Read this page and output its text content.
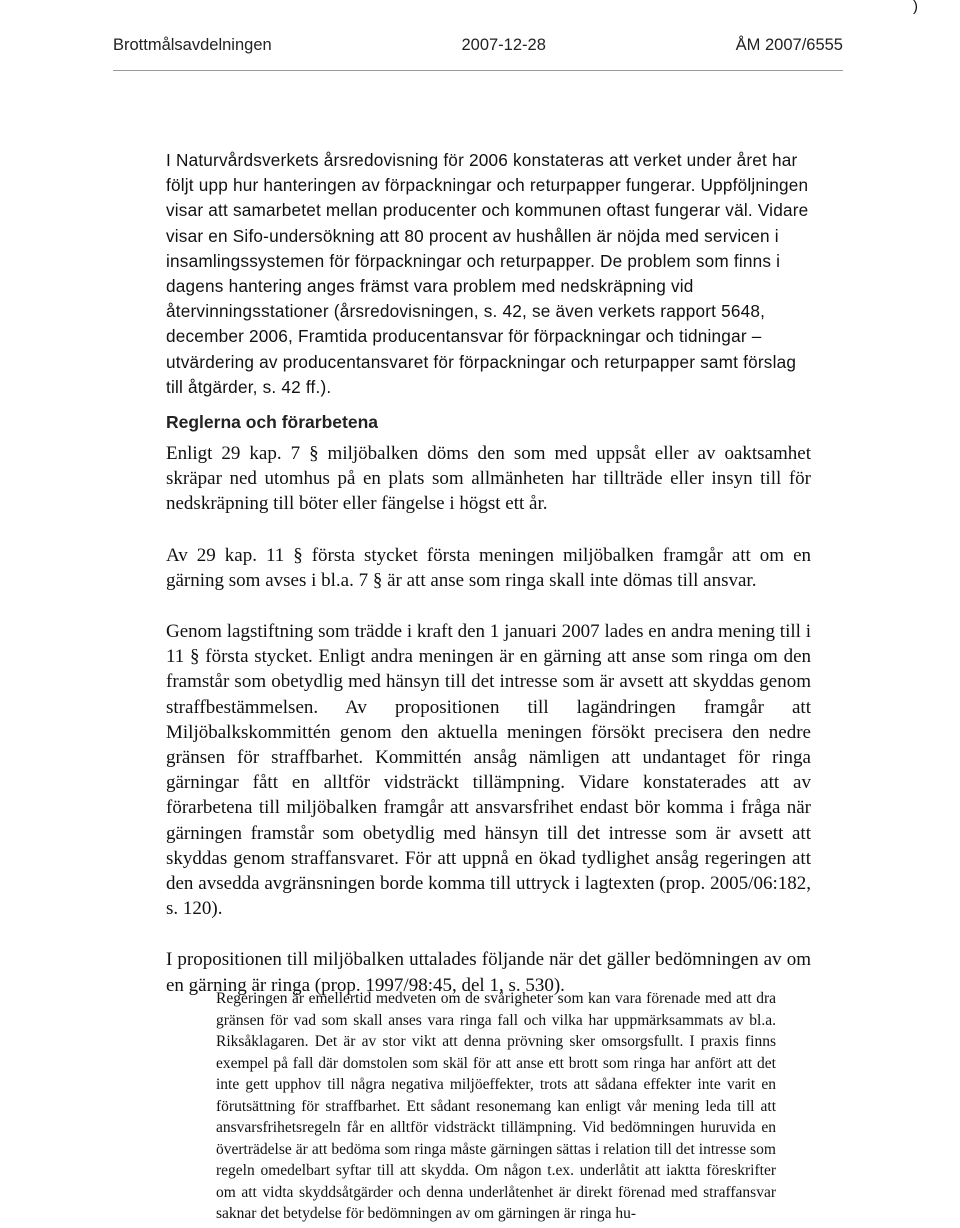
)
Brottmålsavdelningen	2007-12-28	ÅM 2007/6555

I Naturvårdsverkets årsredovisning för 2006 konstateras att verket under året har följt upp hur hanteringen av förpackningar och returpapper fungerar. Uppföljningen visar att samarbetet mellan producenter och kommunen oftast fungerar väl. Vidare visar en Sifo-undersökning att 80 procent av hushållen är nöjda med servicen i insamlingssystemen för förpackningar och returpapper. De problem som finns i dagens hantering anges främst vara problem med nedskräpning vid återvinningsstationer (årsredovisningen, s. 42, se även verkets rapport 5648, december 2006, Framtida producentansvar för förpackningar och tidningar – utvärdering av producentansvaret för förpackningar och returpapper samt förslag till åtgärder, s. 42 ff.).

Reglerna och förarbetena

Enligt 29 kap. 7 § miljöbalken döms den som med uppsåt eller av oaktsamhet skräpar ned utomhus på en plats som allmänheten har tillträde eller insyn till för nedskräpning till böter eller fängelse i högst ett år.

Av 29 kap. 11 § första stycket första meningen miljöbalken framgår att om en gärning som avses i bl.a. 7 § är att anse som ringa skall inte dömas till ansvar.

Genom lagstiftning som trädde i kraft den 1 januari 2007 lades en andra mening till i 11 § första stycket. Enligt andra meningen är en gärning att anse som ringa om den framstår som obetydlig med hänsyn till det intresse som är avsett att skyddas genom straffbestämmelsen. Av propositionen till lagändringen framgår att Miljöbalkskommittén genom den aktuella meningen försökt precisera den nedre gränsen för straffbarhet. Kommittén ansåg nämligen att undantaget för ringa gärningar fått en alltför vidsträckt tillämpning. Vidare konstaterades att av förarbetena till miljöbalken framgår att ansvarsfrihet endast bör komma i fråga när gärningen framstår som obetydlig med hänsyn till det intresse som är avsett att skyddas genom straffansvaret. För att uppnå en ökad tydlighet ansåg regeringen att den avsedda avgränsningen borde komma till uttryck i lagtexten (prop. 2005/06:182, s. 120).

I propositionen till miljöbalken uttalades följande när det gäller bedömningen av om en gärning är ringa (prop. 1997/98:45, del 1, s. 530).

Regeringen är emellertid medveten om de svårigheter som kan vara förenade med att dra gränsen för vad som skall anses vara ringa fall och vilka har uppmärksammats av bl.a. Riksåklagaren. Det är av stor vikt att denna prövning sker omsorgsfullt. I praxis finns exempel på fall där domstolen som skäl för att anse ett brott som ringa har anfört att det inte gett upphov till några negativa miljöeffekter, trots att sådana effekter inte varit en förutsättning för straffbarhet. Ett sådant resonemang kan enligt vår mening leda till att ansvarsfrihetsregeln får en alltför vidsträckt tillämpning. Vid bedömningen huruvida en överträdelse är att bedöma som ringa måste gärningen sättas i relation till det intresse som regeln omedelbart syftar till att skydda. Om någon t.ex. underlåtit att iaktta föreskrifter om att vidta skyddsåtgärder och denna underlåtenhet är direkt förenad med straffansvar saknar det betydelse för bedömningen av om gärningen är ringa hu-
